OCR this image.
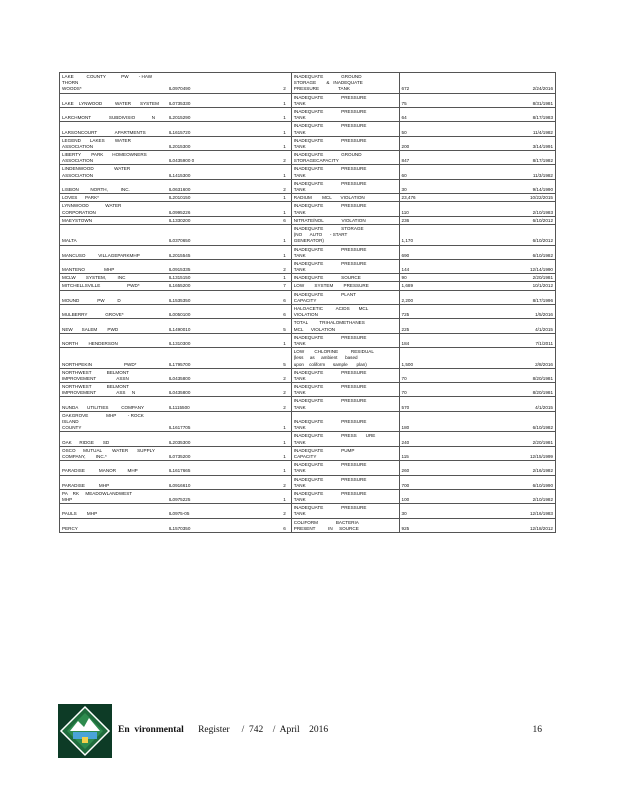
LAKE          COUNTY            PW        - HAW THORN
WOODS*	IL0970490	2	INADEQUATE              GROUND
STORAGE        &   INADEQUATE
PRESSURE               TANK	672	2/24/2016

LAKE    LYNWOOD          WATER       SYSTEM	IL0735330	1	INADEQUATE              PRESSURE
TANK	75	8/31/1981

LARCHMONT              SUBDIVISIO             N	IL2015290	1	INADEQUATE              PRESSURE
TANK	64	8/17/1983

LARSONCOURT              APARTMENTS	IL1615720	1	INADEQUATE              PRESSURE
TANK	50	11/4/1982

LEGEND       LAKES        WATER
ASSOCIATION	IL2015300	1	INADEQUATE              PRESSURE
TANK	200	3/14/1991

LIBERTY        PARK       HOMEOWNERS
ASSOCIATION	IL0435900 0	2	INADEQUATE              GROUND
STORAGECAPACITY	847	8/17/1982

LINDENWOOD                WATER
ASSOCIATION	IL1415300	1	INADEQUATE              PRESSURE
TANK	60	11/3/1982

LISBON         NORTH,          INC.	IL0631600	2	INADEQUATE              PRESSURE
TANK	30	9/14/1990

LOVES      PARK*	IL2010150	1	RADIUM        MCL       VIOLATION	23,476	10/22/2015

LYNNWOOD             WATER
CORPORATION	IL0995226	1	INADEQUATE              PRESSURE
TANK	110	2/10/1983

MAEYSTOWN	IL1330200	6	NITRATE/NOL              VIOLATION	236	6/10/2012

MALTA	IL0370650	1	INADEQUATE              STORAGE
(NO      AUTO      - START
GENERATOR)	1,170	6/10/2012

MANCUSO          VILLAGEPARKMHP	IL2015545	1	INADEQUATE              PRESSURE
TANK	690	6/10/1982

MANTENO               MHP	IL0915335	2	INADEQUATE              PRESSURE
TANK	144	12/14/1990

MCLW        SYSTEM,         INC	IL1315150	1	INADEQUATE              SOURCE	90	2/20/1981

MITCHELLSVILLE                     PWD*	IL1655200	7	LOW        SYSTEM        PRESSURE	1,689	10/1/2012

MOUND              PW          D	IL1535350	6	INADEQUATE              PLANT
CAPACITY	2,200	8/17/1996

MULBERRY              GROVE*	IL0050100	6	HALOACETIC          ACIDS       MCL
VIOLATION	725	1/5/2016

NEW       SALEM        PWD	IL1490010	5	TOTAL         TRIHALOMETHANES
MCL      VIOLATION	225	4/1/2015

NORTH        HENDERSON	IL1310300	1	INADEQUATE              PRESSURE
TANK	184	7/1/2011

NORTHPEKIN                         PWD*	IL1795700	5	LOW        CHLORINE          RESIDUAL
(less     as     ambient      based
upon    coliform      sample       plan)	1,500	2/8/2016

NORTHWEST            BELMONT
IMPROVEMENT                ASSN	IL0435800	2	INADEQUATE              PRESSURE
TANK	70	8/20/1981

NORTHWEST            BELMONT
IMPROVEMENT                ASS     N	IL0435800	2	INADEQUATE              PRESSURE
TANK	70	8/20/1981

NUNDA       UTILITIES          COMPANY	IL1115500	2	INADEQUATE              PRESSURE
TANK	570	4/1/2015

OAKGROVE              MHP         - ROCK        ISLAND
COUNTY	IL1617705	1	INADEQUATE              PRESSURE
TANK	180	6/10/1982

OAK      RIDGE       SD	IL2035300	1	INADEQUATE              PRESS       URE
TANK	240	2/20/1981

OSCO      MUTUAL        WATER       SUPPLY
COMPANY,        INC.*	IL0735200	1	INADEQUATE              PUMP
CAPACITY	115	12/15/1999

PARADISE           MANOR         MHP	IL1617665	1	INADEQUATE              PRESSURE
TANK	260	2/16/1982

PARADISE           MHP	IL0916610	2	INADEQUATE              PRESSURE
TANK	700	6/10/1990

PA    RK     MEADOWLANDWEST                  MHP	IL0975225	1	INADEQUATE              PRESSURE
TANK	100	2/10/1982

PAULS        MHP	IL0975-05	2	INADEQUATE              PRESSURE
TANK	30	12/16/1983

PERCY	IL1570350	6	COLIFORM              BACTERIA
PRESENT          IN     SOURCE	925	12/18/2012
En  vironmental      Register     /  742    /  April    2016	16
